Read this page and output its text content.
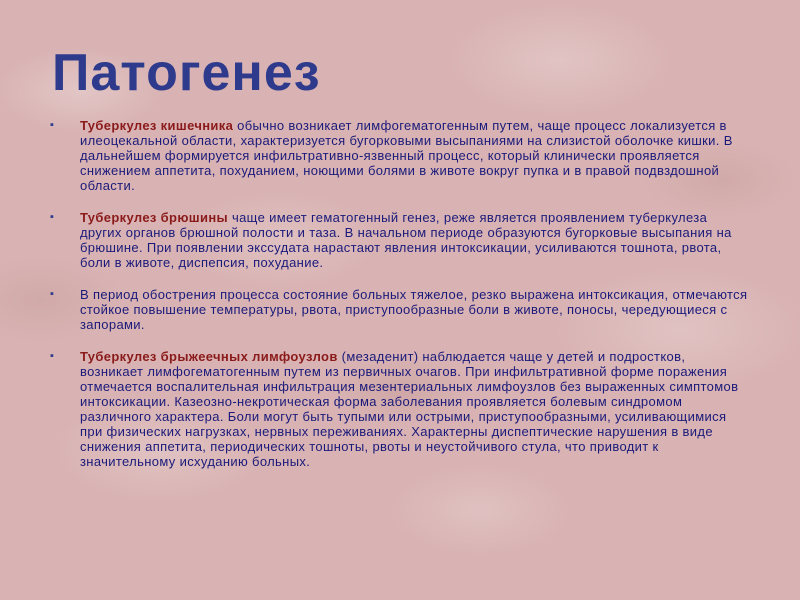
Патогенез
▪ Туберкулез кишечника обычно возникает лимфогематогенным путем, чаще процесс локализуется в илеоцекальной области, характеризуется бугорковыми высыпаниями на слизистой оболочке кишки. В дальнейшем формируется инфильтративно-язвенный процесс, который клинически проявляется снижением аппетита, похуданием, ноющими болями в животе вокруг пупка и в правой подвздошной области.
▪ Туберкулез брюшины чаще имеет гематогенный генез, реже является проявлением туберкулеза других органов брюшной полости и таза. В начальном периоде образуются бугорковые высыпания на брюшине. При появлении экссудата нарастают явления интоксикации, усиливаются тошнота, рвота, боли в животе, диспепсия, похудание.
▪ В период обострения процесса состояние больных тяжелое, резко выражена интоксикация, отмечаются стойкое повышение температуры, рвота, приступообразные боли в животе, поносы, чередующиеся с запорами.
▪ Туберкулез брыжеечных лимфоузлов (мезаденит) наблюдается чаще у детей и подростков, возникает лимфогематогенным путем из первичных очагов. При инфильтративной форме поражения отмечается воспалительная инфильтрация мезентериальных лимфоузлов без выраженных симптомов интоксикации. Казеозно-некротическая форма заболевания проявляется болевым синдромом различного характера. Боли могут быть тупыми или острыми, приступообразными, усиливающимися при физических нагрузках, нервных переживаниях. Характерны диспептические нарушения в виде снижения аппетита, периодических тошноты, рвоты и неустойчивого стула, что приводит к значительному исхуданию больных.
